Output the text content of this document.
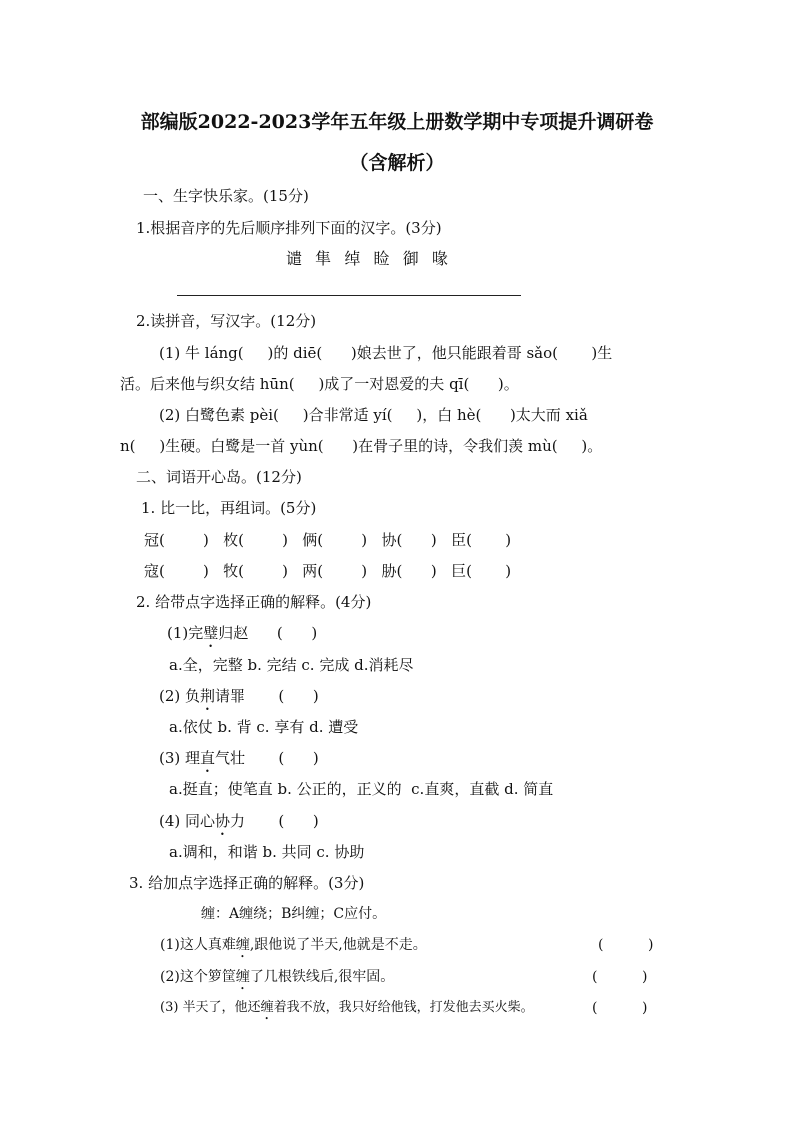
部编版2022-2023学年五年级上册数学期中专项提升调研卷
（含解析）
一、生字快乐家。(15分)
1.根据音序的先后顺序排列下面的汉字。(3分)
谴  隼  绰  睑  御  喙
2.读拼音，写汉字。(12分)
(1) 牛 láng(     )的 diē(      )娘去世了，他只能跟着哥 sǎo(       )生
活。后来他与织女结 hūn(     )成了一对恩爱的夫 qī(      )。
(2) 白鹭色素 pèi(     )合非常适 yí(     )，白 hè(      )太大而 xiǎ
n(     )生硬。白鹭是一首 yùn(      )在骨子里的诗，令我们羡 mù(     )。
二、词语开心岛。(12分)
1. 比一比，再组词。(5分)
冠(        )   枚(        )   俩(        )   协(      )   臣(       )
寇(        )   牧(        )   两(        )   胁(      )   巨(       )
2. 给带点字选择正确的解释。(4分)
(1)完璧归赵      (      )
a.全，完整 b. 完结 c. 完成 d.消耗尽
(2) 负荆请罪       (      )
a.依仗 b. 背 c. 享有 d. 遭受
(3) 理直气壮       (      )
a.挺直；使笔直 b. 公正的，正义的  c.直爽，直截 d. 简直
(4) 同心协力       (      )
a.调和，和谐 b. 共同 c. 协助
3. 给加点字选择正确的解释。(3分)
缠：A缠绕；B纠缠；C应付。
(1)这人真难缠,跟他说了半天,他就是不走。	(          )
(2)这个箩筐缠了几根铁线后,很牢固。	(          )
(3) 半天了，他还缠着我不放，我只好给他钱，打发他去买火柴。	(          )
